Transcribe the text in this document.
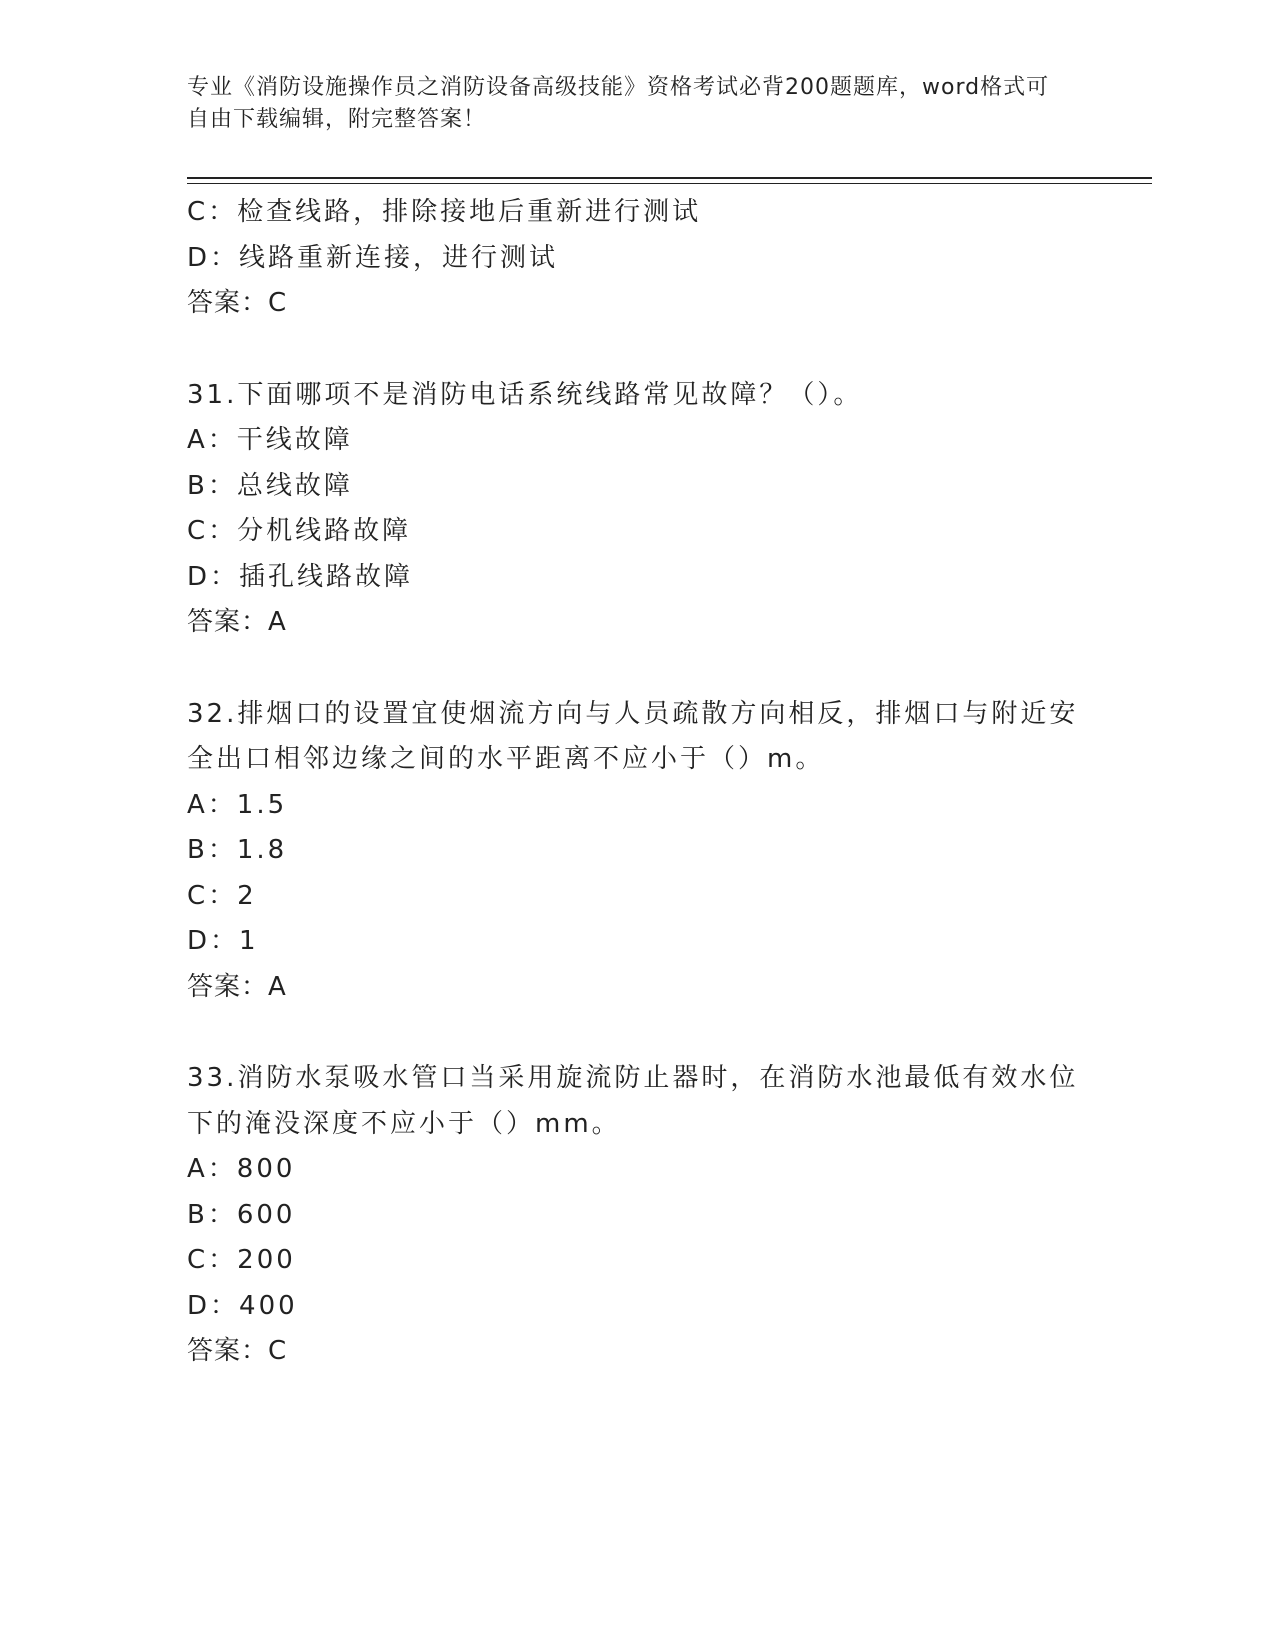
专业《消防设施操作员之消防设备高级技能》资格考试必背200题题库，word格式可自由下载编辑，附完整答案！
C：检查线路，排除接地后重新进行测试
D：线路重新连接，进行测试
答案：C
31.下面哪项不是消防电话系统线路常见故障？（）。
A：干线故障
B：总线故障
C：分机线路故障
D：插孔线路故障
答案：A
32.排烟口的设置宜使烟流方向与人员疏散方向相反，排烟口与附近安全出口相邻边缘之间的水平距离不应小于（）m。
A：1.5
B：1.8
C：2
D：1
答案：A
33.消防水泵吸水管口当采用旋流防止器时，在消防水池最低有效水位下的淹没深度不应小于（）mm。
A：800
B：600
C：200
D：400
答案：C
